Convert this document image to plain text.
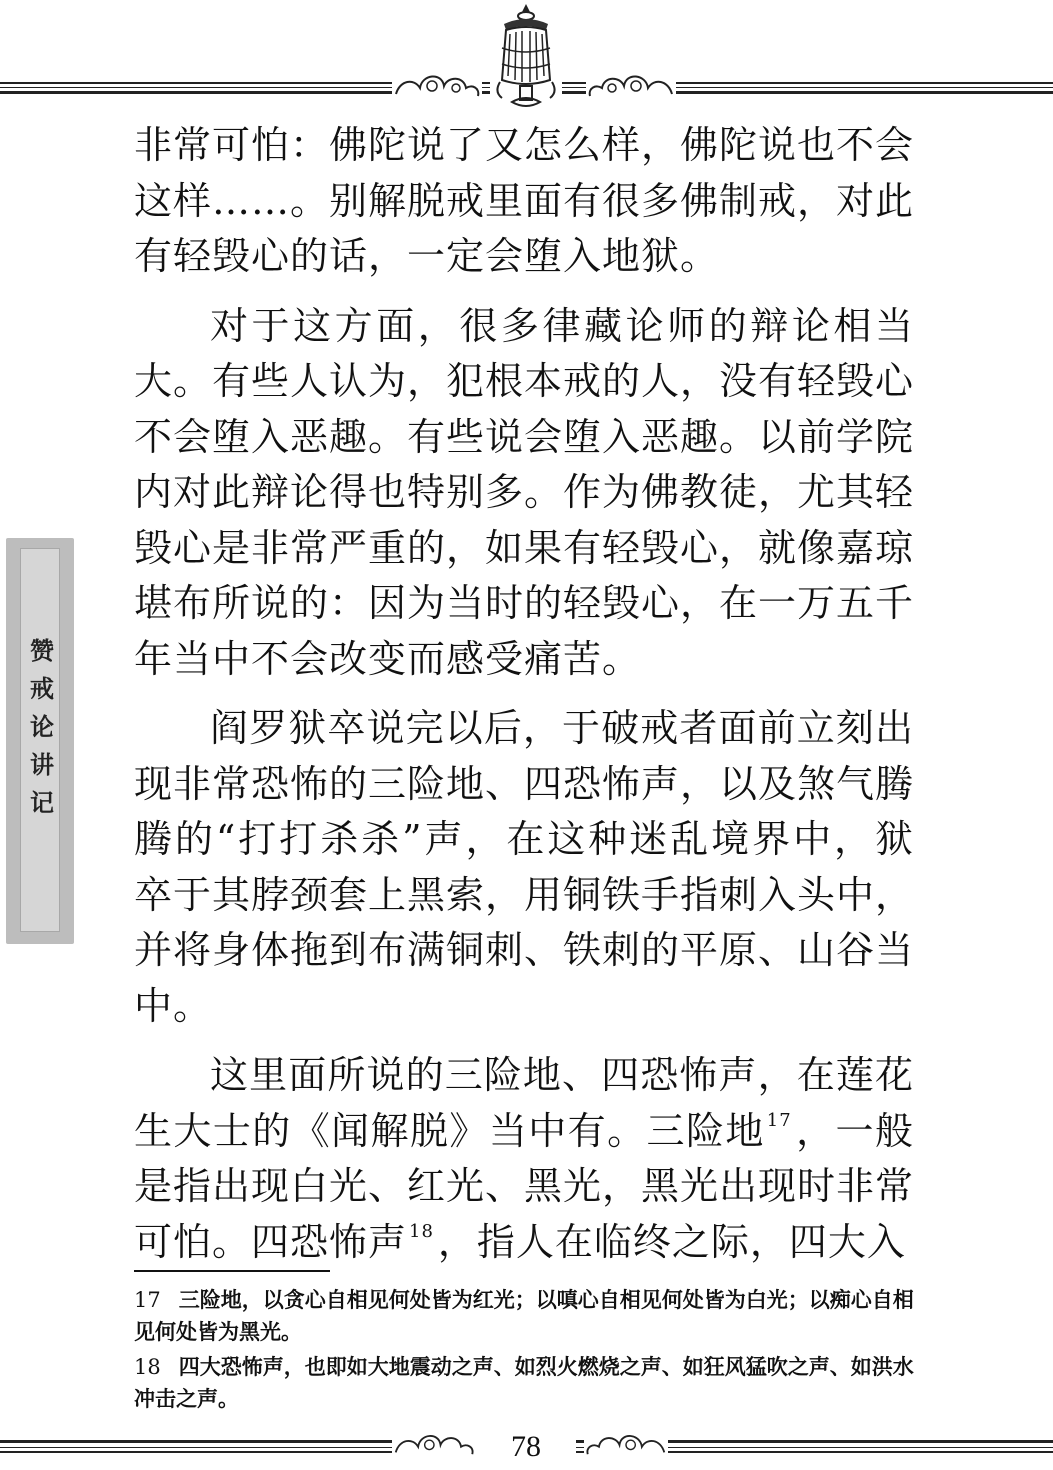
赞戒论讲记

非常可怕：佛陀说了又怎么样，佛陀说也不会这样……。别解脱戒里面有很多佛制戒，对此有轻毁心的话，一定会堕入地狱。

对于这方面，很多律藏论师的辩论相当大。有些人认为，犯根本戒的人，没有轻毁心不会堕入恶趣。有些说会堕入恶趣。以前学院内对此辩论得也特别多。作为佛教徒，尤其轻毁心是非常严重的，如果有轻毁心，就像嘉琼堪布所说的：因为当时的轻毁心，在一万五千年当中不会改变而感受痛苦。

阎罗狱卒说完以后，于破戒者面前立刻出现非常恐怖的三险地、四恐怖声，以及煞气腾腾的“打打杀杀”声，在这种迷乱境界中，狱卒于其脖颈套上黑索，用铜铁手指刺入头中，并将身体拖到布满铜刺、铁刺的平原、山谷当中。

这里面所说的三险地、四恐怖声，在莲花生大士的《闻解脱》当中有。三险地 $^{17}$ ，一般是指出现白光、红光、黑光，黑光出现时非常可怕。四恐怖声 $^{18}$ ，指人在临终之际，四大入

17 三险地，以贪心自相见何处皆为红光；以嗔心自相见何处皆为白光；以痴心自相见何处皆为黑光。

18 四大恐怖声，也即如大地震动之声、如烈火燃烧之声、如狂风猛吹之声、如洪水冲击之声。

78
